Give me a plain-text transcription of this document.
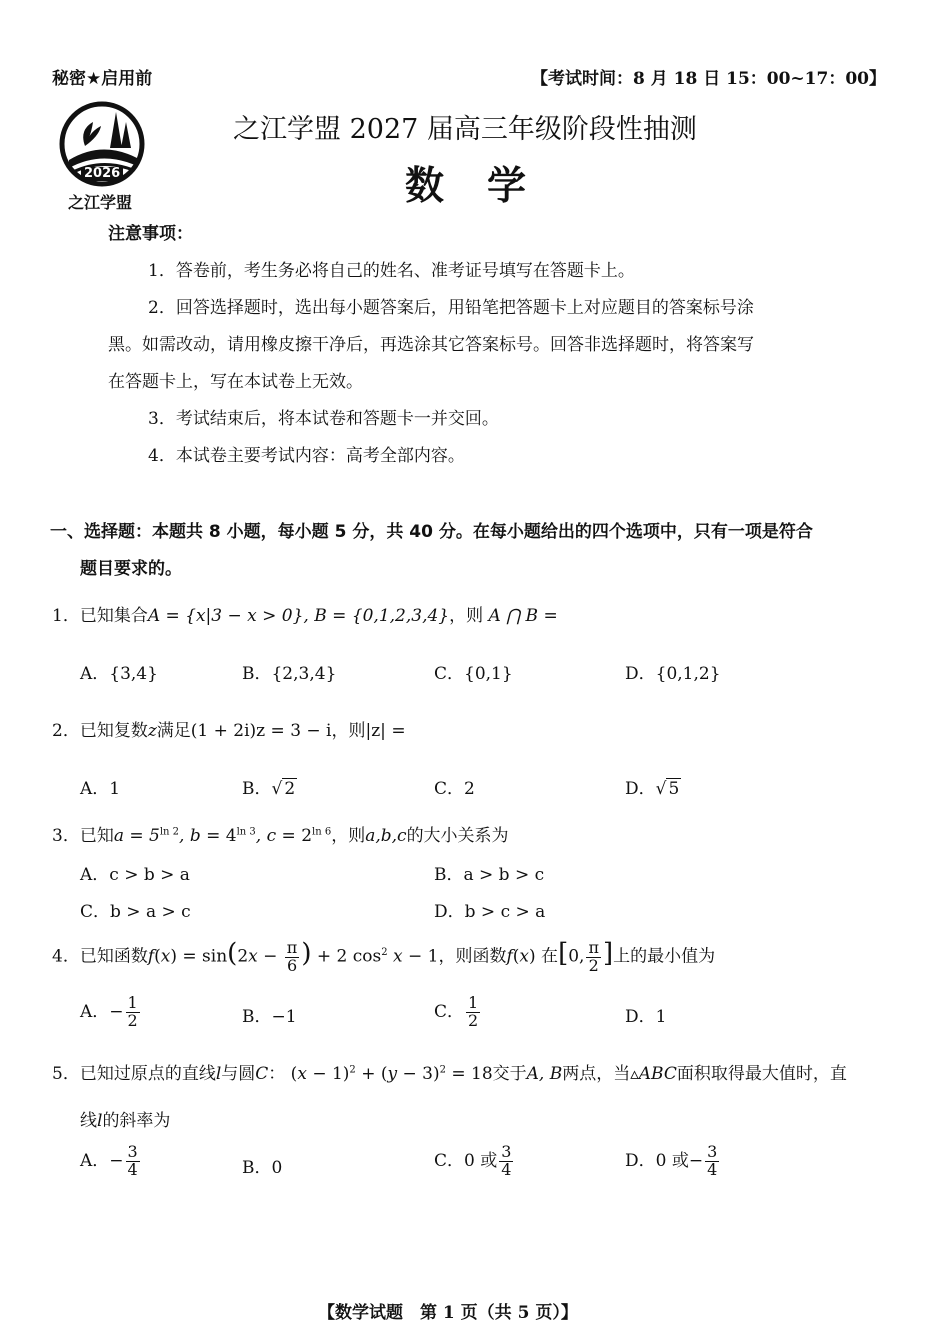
秘密★启用前	【考试时间：8 月 18 日 15：00~17：00】
2026
之江学盟
之江学盟 2027 届高三年级阶段性抽测
数　学
注意事项：
1．答卷前，考生务必将自己的姓名、准考证号填写在答题卡上。
2．回答选择题时，选出每小题答案后，用铅笔把答题卡上对应题目的答案标号涂
黑。如需改动，请用橡皮擦干净后，再选涂其它答案标号。回答非选择题时，将答案写
在答题卡上，写在本试卷上无效。
3．考试结束后，将本试卷和答题卡一并交回。
4．本试卷主要考试内容：高考全部内容。
一、选择题：本题共 8 小题，每小题 5 分，共 40 分。在每小题给出的四个选项中，只有一项是符合
题目要求的。
1．已知集合A = {x|3 − x > 0}, B = {0,1,2,3,4}，则 A ⋂ B =
A．{3,4}	B．{2,3,4}	C．{0,1}	D．{0,1,2}
2．已知复数z满足(1 + 2i)z = 3 − i，则|z| =
A．1	B．√ 2	C．2	D．√ 5
3．已知$a = 5^{ln 2}$, $b = 4^{ln 3}$, $c = 2^{ln 6}$，则a,b,c的大小关系为
A．c > b > a	B．a > b > c
C．b > a > c	D．b > c > a
4．已知函数$f(x) = \sin(2x - \frac{\pi}{6}$ ) + 2 $\cos^2 x - 1$，则函数f(x) 在[0, $\frac{\pi}{2}$ ]上的最小值为
A．− $\frac{1}{2}$	B．−1	C． $\frac{1}{2}$	D．1
5．已知过原点的直线l与圆C： $(x - 1)^2 + (y - 3)^2 = 18$交于A, B两点，当▵ABC面积取得最大值时，直
线l的斜率为
A．− $\frac{3}{4}$	B．0	C．0 或 $\frac{3}{4}$	D．0 或− $\frac{3}{4}$
【数学试题　第 1 页（共 5 页）】
